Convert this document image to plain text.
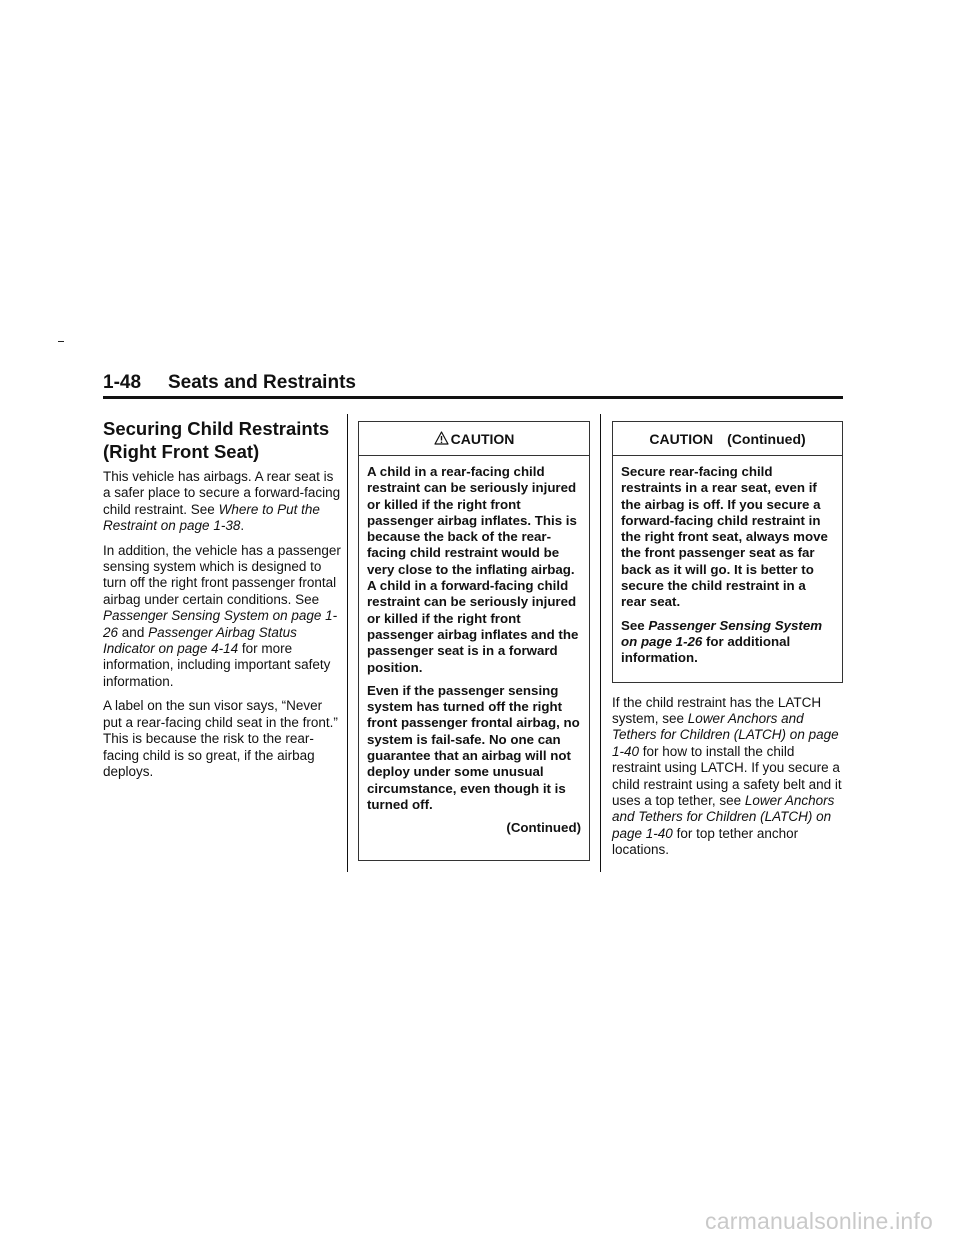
1-48 Seats and Restraints
Securing Child Restraints
(Right Front Seat)

This vehicle has airbags. A rear seat is a safer place to secure a forward-facing child restraint. See Where to Put the Restraint on page 1-38.

In addition, the vehicle has a passenger sensing system which is designed to turn off the right front passenger frontal airbag under certain conditions. See Passenger Sensing System on page 1-26 and Passenger Airbag Status Indicator on page 4-14 for more information, including important safety information.

A label on the sun visor says, “Never put a rear-facing child seat in the front.” This is because the risk to the rear-facing child is so great, if the airbag deploys.

CAUTION

A child in a rear-facing child restraint can be seriously injured or killed if the right front passenger airbag inflates. This is because the back of the rear-facing child restraint would be very close to the inflating airbag. A child in a forward-facing child restraint can be seriously injured or killed if the right front passenger airbag inflates and the passenger seat is in a forward position.

Even if the passenger sensing system has turned off the right front passenger frontal airbag, no system is fail-safe. No one can guarantee that an airbag will not deploy under some unusual circumstance, even though it is turned off.

(Continued)
CAUTION (Continued)

Secure rear-facing child restraints in a rear seat, even if the airbag is off. If you secure a forward-facing child restraint in the right front seat, always move the front passenger seat as far back as it will go. It is better to secure the child restraint in a rear seat.

See Passenger Sensing System on page 1-26 for additional information.

If the child restraint has the LATCH system, see Lower Anchors and Tethers for Children (LATCH) on page 1-40 for how to install the child restraint using LATCH. If you secure a child restraint using a safety belt and it uses a top tether, see Lower Anchors and Tethers for Children (LATCH) on page 1-40 for top tether anchor locations.

carmanualsonline.info
